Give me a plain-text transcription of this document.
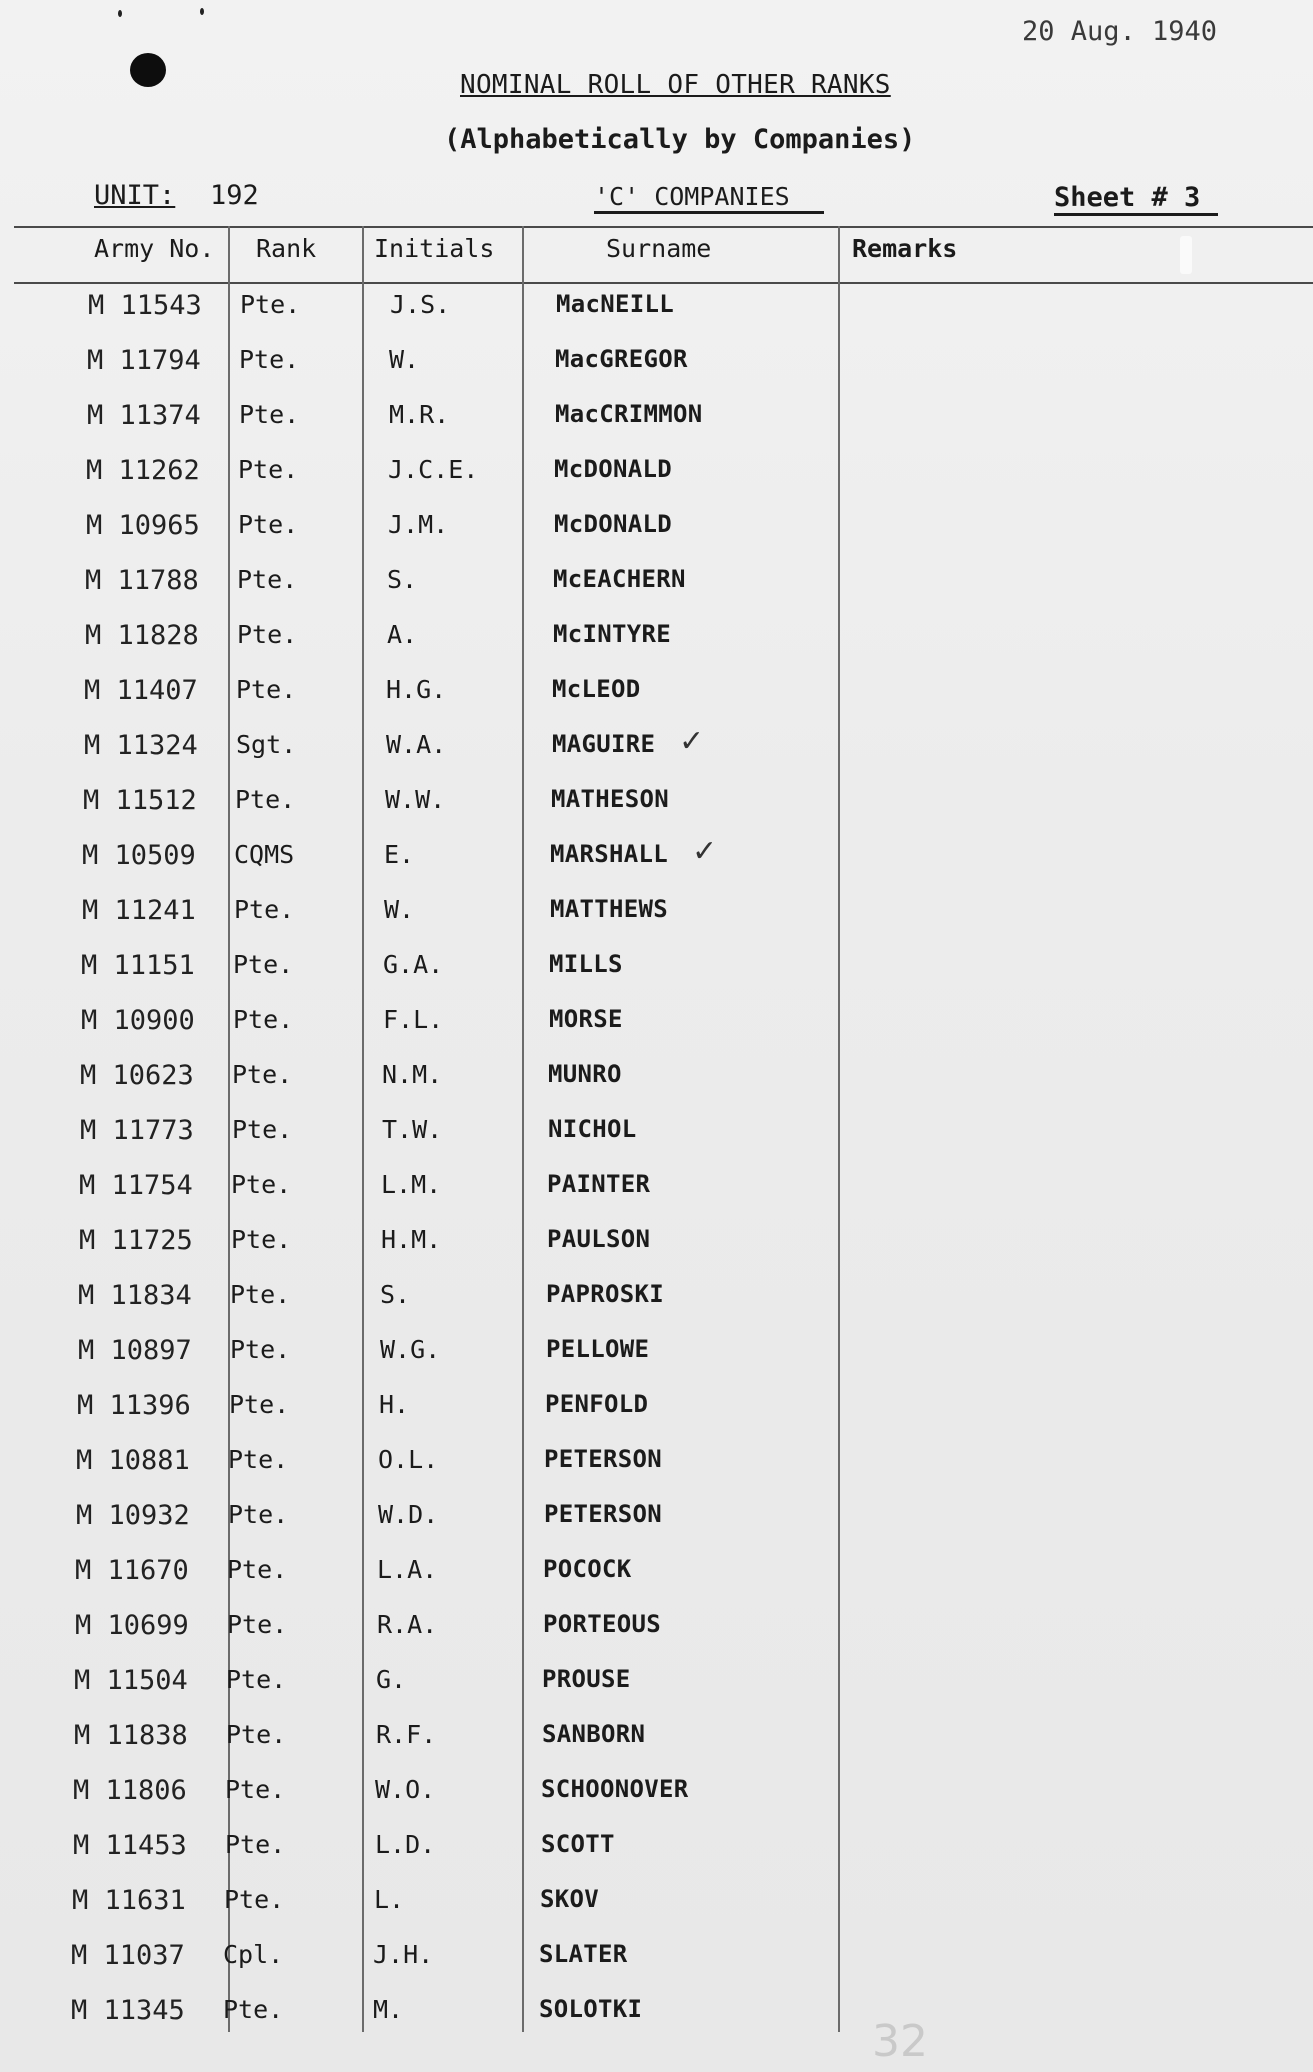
20 Aug. 1940
NOMINAL ROLL OF OTHER RANKS
(Alphabetically by Companies)
UNIT: 192	'C' COMPANIES	Sheet # 3
Army No. Rank Initials	Surname	Remarks
M 11543 Pte.	J.S.	MacNEILL
M 11794 Pte.	W.	MacGREGOR
M 11374 Pte.	M.R.	MacCRIMMON
M 11262 Pte.	J.C.E.	McDONALD
M 10965 Pte.	J.M.	McDONALD
M 11788 Pte.	S.	McEACHERN
M 11828 Pte.	A.	McINTYRE
M 11407 Pte.	H.G.	McLEOD
M 11324 Sgt.	W.A.	MAGUIRE ✓
M 11512 Pte.	W.W.	MATHESON
M 10509 CQMS	E.	MARSHALL ✓
M 11241 Pte.	W.	MATTHEWS
M 11151 Pte.	G.A.	MILLS
M 10900 Pte.	F.L.	MORSE
M 10623 Pte.	N.M.	MUNRO
M 11773 Pte.	T.W.	NICHOL
M 11754 Pte.	L.M.	PAINTER
M 11725 Pte.	H.M.	PAULSON
M 11834 Pte.	S.	PAPROSKI
M 10897 Pte.	W.G.	PELLOWE
M 11396 Pte.	H.	PENFOLD
M 10881 Pte.	O.L.	PETERSON
M 10932 Pte.	W.D.	PETERSON
M 11670 Pte.	L.A.	POCOCK
M 10699 Pte.	R.A.	PORTEOUS
M 11504 Pte.	G.	PROUSE
M 11838 Pte.	R.F.	SANBORN
M 11806 Pte.	W.O.	SCHOONOVER
M 11453 Pte.	L.D.	SCOTT
M 11631 Pte.	L.	SKOV
M 11037 Cpl.	J.H.	SLATER
M 11345 Pte.	M.	SOLOTKI
32
